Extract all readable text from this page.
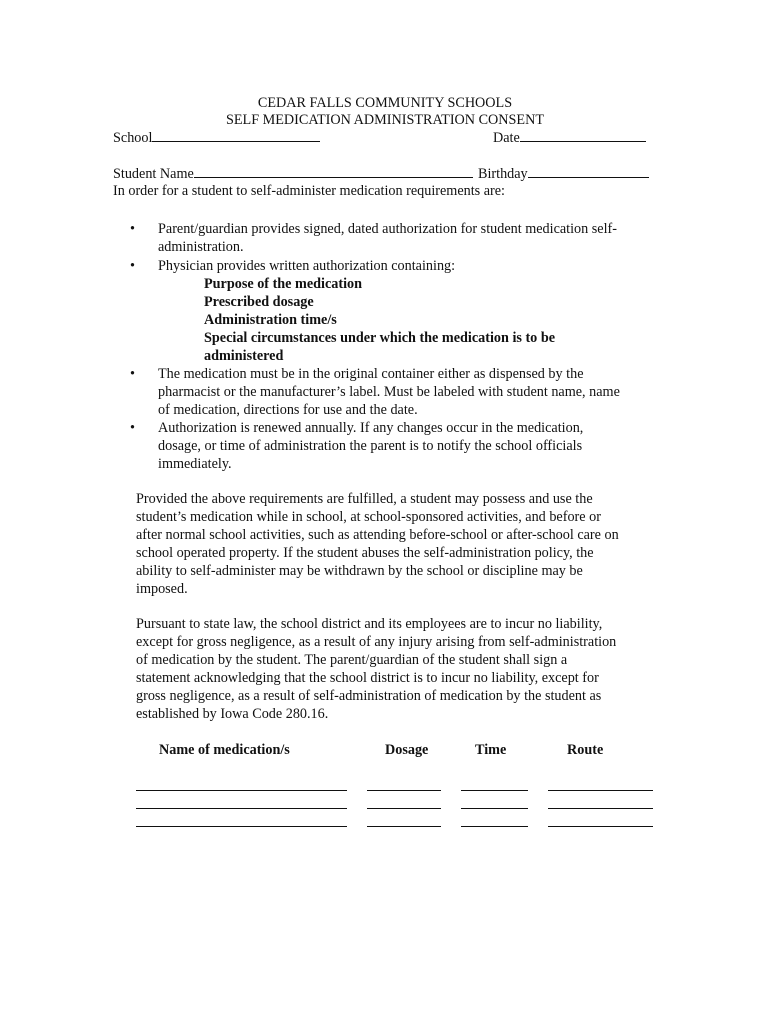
CEDAR FALLS COMMUNITY SCHOOLS
SELF MEDICATION ADMINISTRATION CONSENT
School	Date
Student Name	Birthday
In order for a student to self-administer medication requirements are:
• Parent/guardian provides signed, dated authorization for student medication self-
administration.
• Physician provides written authorization containing:
Purpose of the medication
Prescribed dosage
Administration time/s
Special circumstances under which the medication is to be
administered
• The medication must be in the original container either as dispensed by the
pharmacist or the manufacturer’s label. Must be labeled with student name, name
of medication, directions for use and the date.
• Authorization is renewed annually. If any changes occur in the medication,
dosage, or time of administration the parent is to notify the school officials
immediately.
Provided the above requirements are fulfilled, a student may possess and use the
student’s medication while in school, at school-sponsored activities, and before or
after normal school activities, such as attending before-school or after-school care on
school operated property. If the student abuses the self-administration policy, the
ability to self-administer may be withdrawn by the school or discipline may be
imposed.
Pursuant to state law, the school district and its employees are to incur no liability,
except for gross negligence, as a result of any injury arising from self-administration
of medication by the student. The parent/guardian of the student shall sign a
statement acknowledging that the school district is to incur no liability, except for
gross negligence, as a result of self-administration of medication by the student as
established by Iowa Code 280.16.
Name of medication/s	Dosage	Time	Route
